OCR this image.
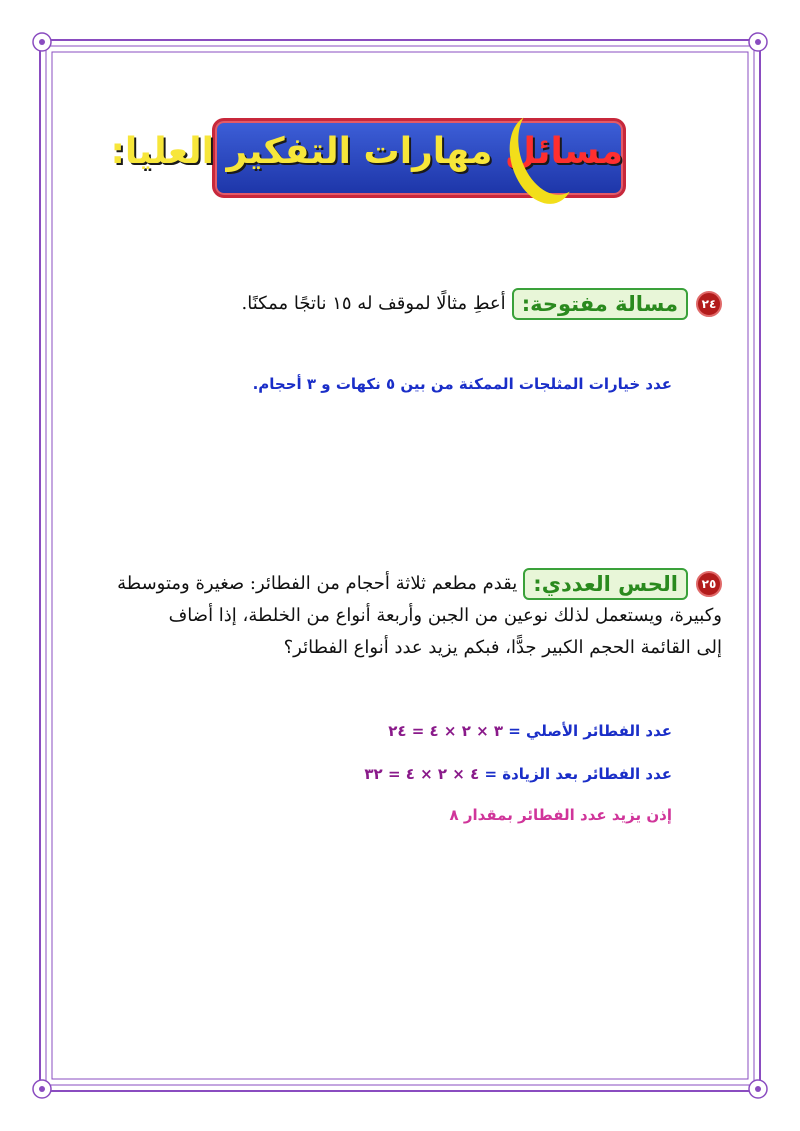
مسائل مهارات التفكير العليا:
٢٤مسالة مفتوحة:أعطِ مثالًا لموقف له ١٥ ناتجًا ممكنًا.
عدد خيارات المثلجات الممكنة من بين ٥ نكهات و ٣ أحجام.
٢٥الحس العددي:يقدم مطعم ثلاثة أحجام من الفطائر: صغيرة ومتوسطة
وكبيرة، ويستعمل لذلك نوعين من الجبن وأربعة أنواع من الخلطة، إذا أضاف
إلى القائمة الحجم الكبير جدًّا، فبكم يزيد عدد أنواع الفطائر؟
عدد الفطائر الأصلي = ٣ × ٢ × ٤ = ٢٤
عدد الفطائر بعد الزيادة = ٤ × ٢ × ٤ = ٣٢
إذن يزيد عدد الفطائر بمقدار ٨
